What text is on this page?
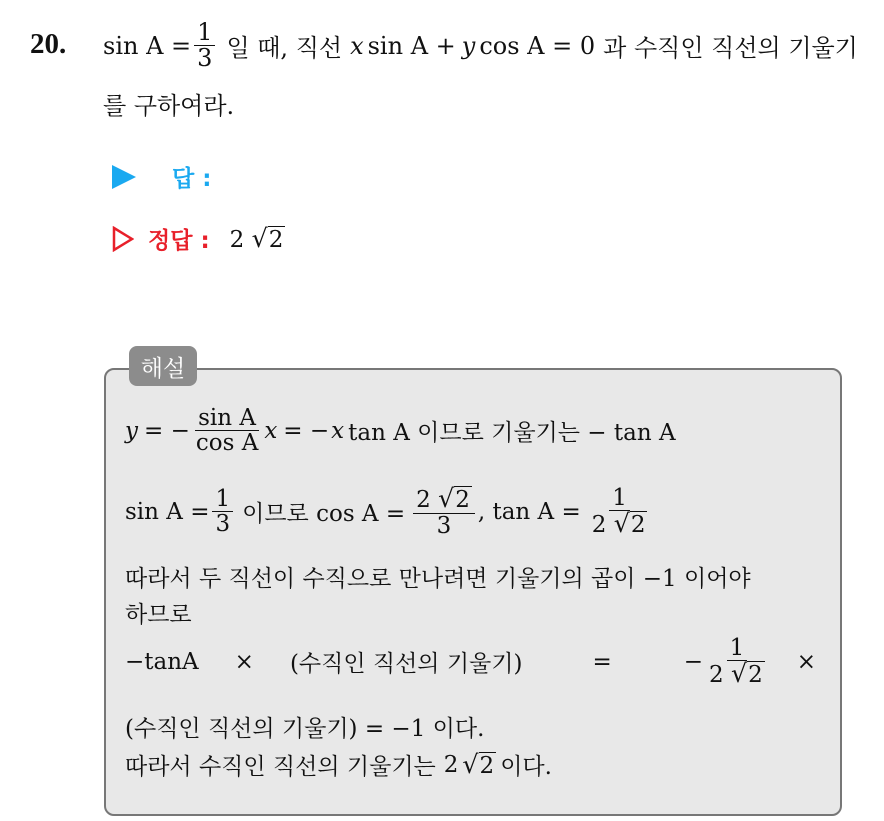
20. $\sin A = \frac{1}{3}$ 일 때, 직선 x sin A + y cos A = 0 과 수직인 직선의 기울기
를 구하여라.
답 :
정답 : 2 √2
해설
y = − $\frac{\text{sin A}}{\text{cos A}}$ x = − x tan A 이므로 기울기는 − tan A
$\sin A = \frac{1}{3}$ 이므로 $\cos A = \frac{2 √2}{3}$ , $\tan A = \frac{1}{2 √2}$
따라서 두 직선이 수직으로 만나려면 기울기의 곱이 −1 이어야
하므로
−tanA × (수직인 직선의 기울기)	=	− $\frac{1}{2 √2}$ ×
(수직인 직선의 기울기) = −1 이다.
따라서 수직인 직선의 기울기는 2 √2 이다.
